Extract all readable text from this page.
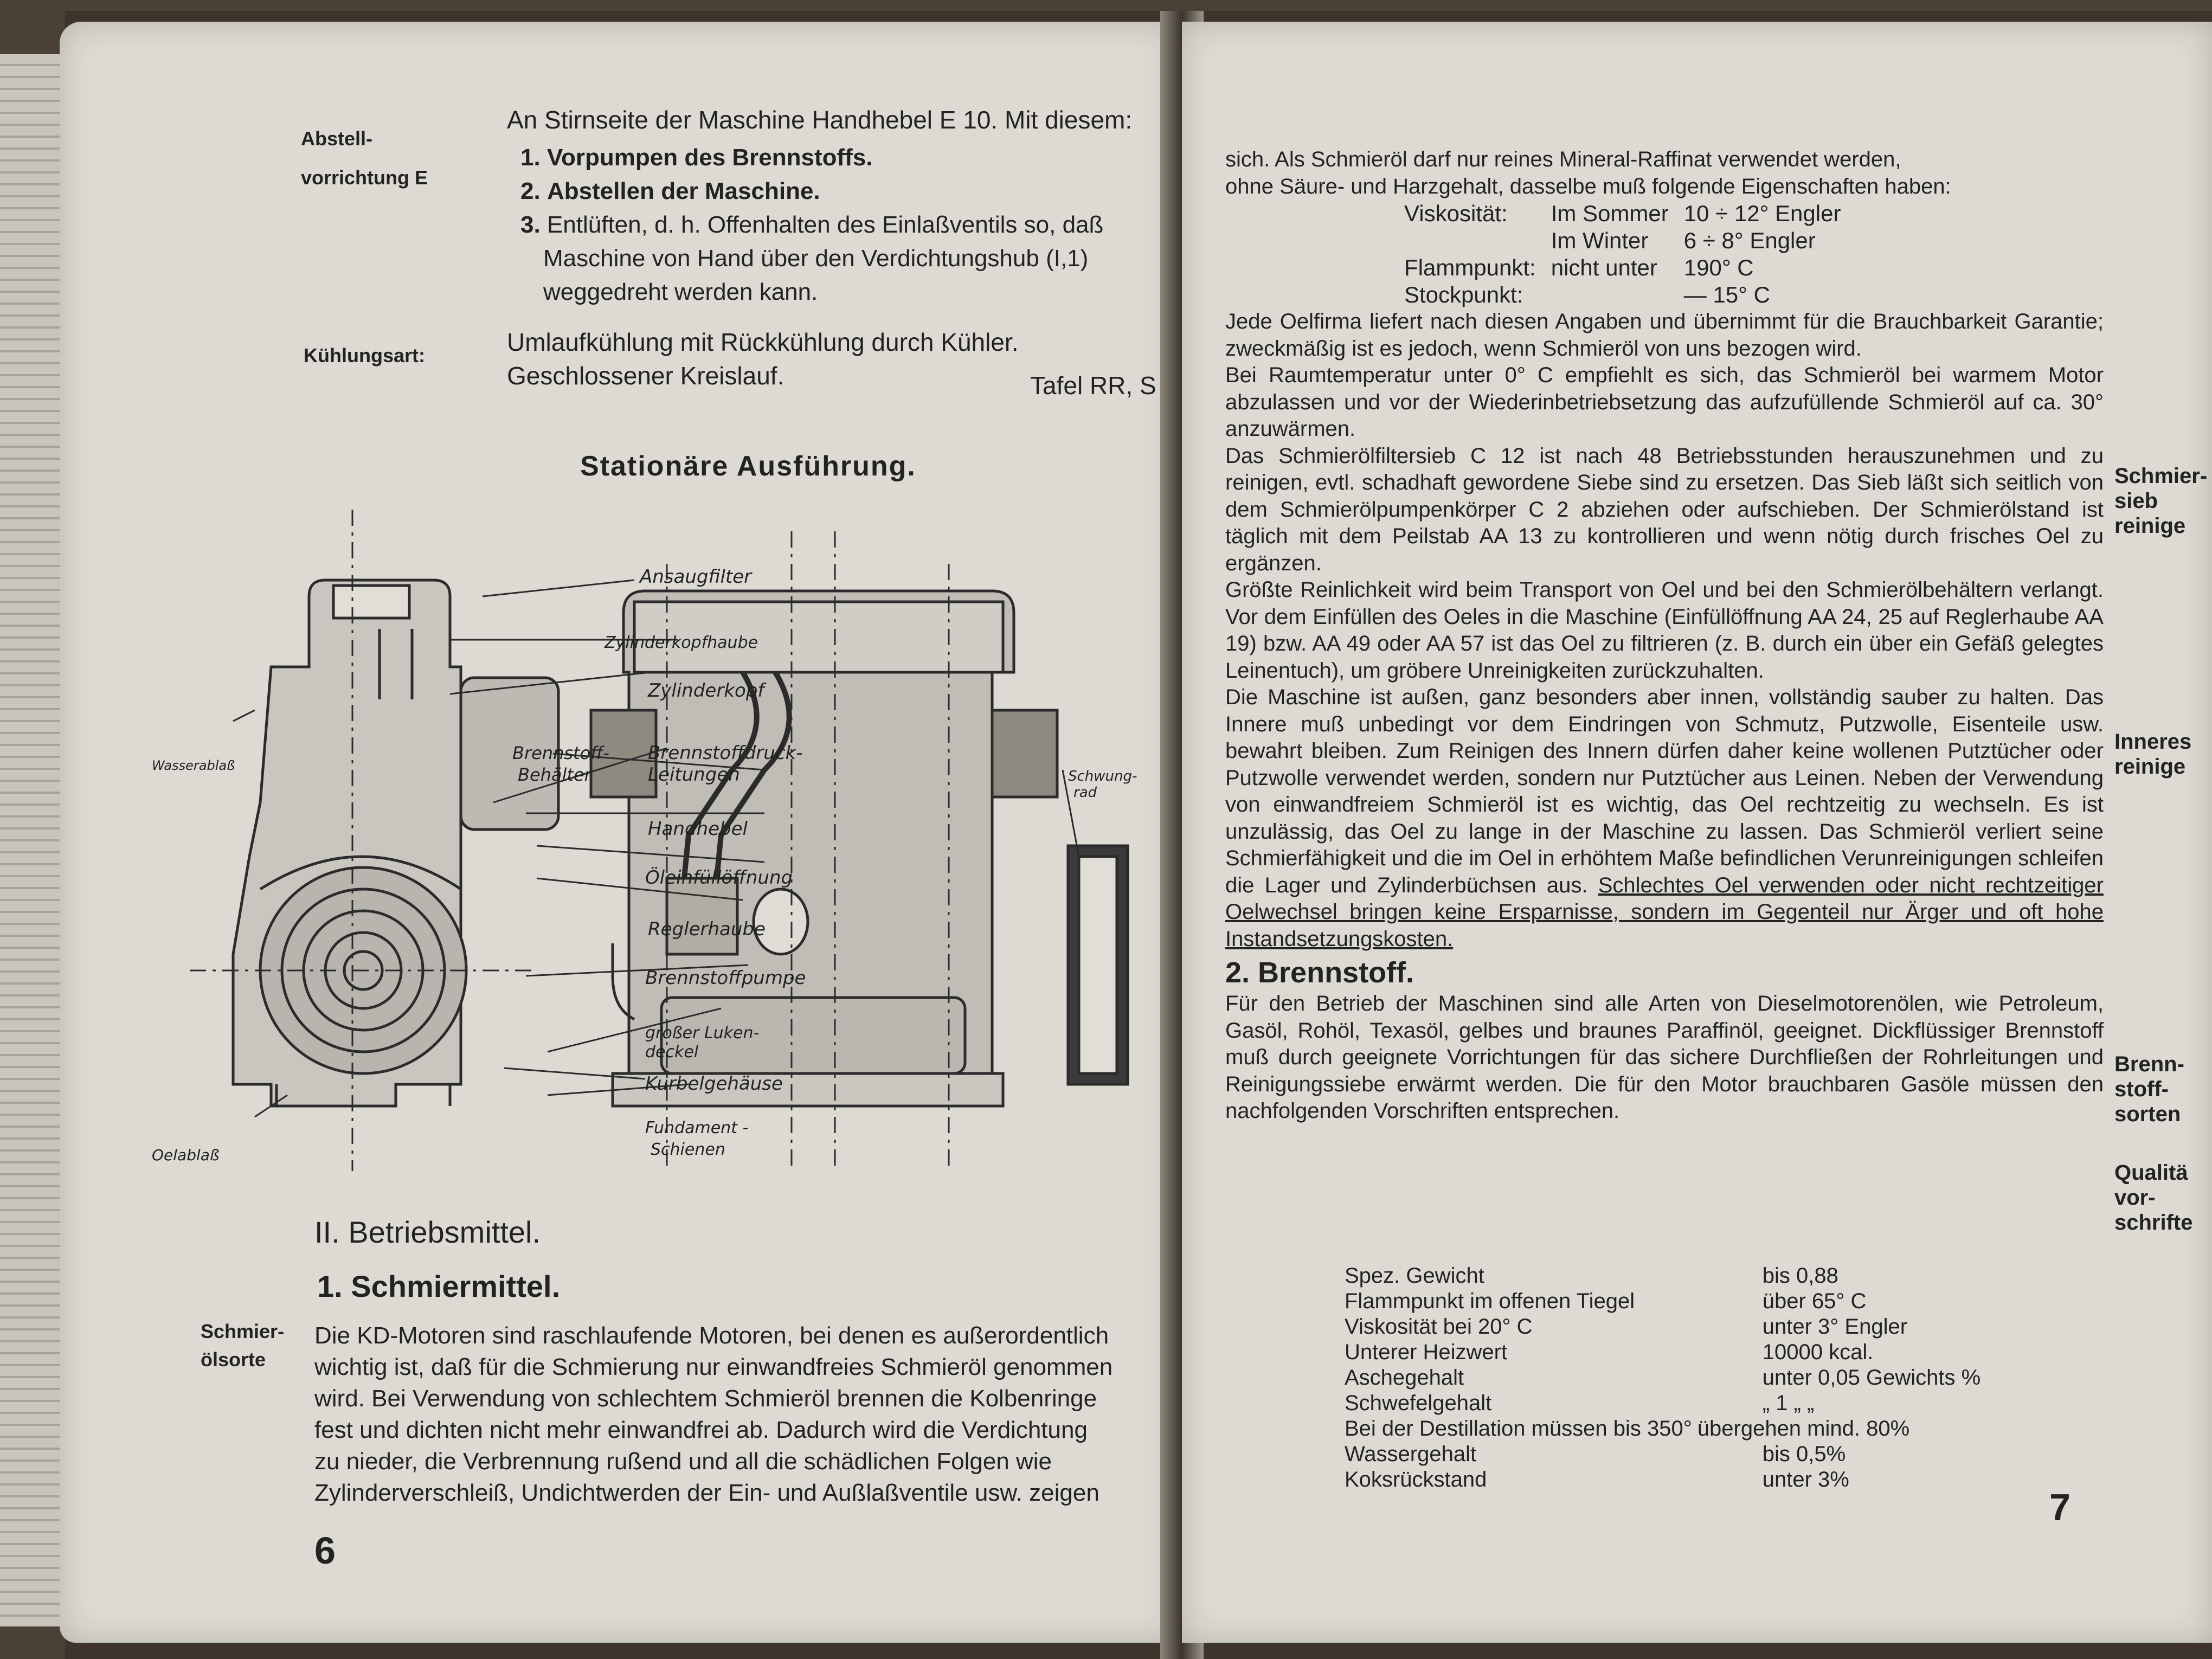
Abstell-
vorrichtung E
An Stirnseite der Maschine Handhebel E 10. Mit diesem:
1. Vorpumpen des Brennstoffs.
2. Abstellen der Maschine.
3. Entlüften, d. h. Offenhalten des Einlaßventils so, daß
Maschine von Hand über den Verdichtungshub (I,1)
weggedreht werden kann.
Kühlungsart:	Umlaufkühlung mit Rückkühlung durch Kühler.
Geschlossener Kreislauf.	Tafel RR, S
Stationäre Ausführung.
Ansaugfilter
Zylinderkopfhaube
Zylinderkopf
Brennstoff-
Behälter
Wasserablaß
Brennstoffdruck-
Leitungen	Schwung-
rad
Handhebel
Öleinfüllöffnung
Reglerhaube
Brennstoffpumpe
großer Luken-
deckel
Kurbelgehäuse
Fundament -
Schienen
Oelablaß
II. Betriebsmittel.
1. Schmiermittel.
Schmier-
ölsorte
Die KD-Motoren sind raschlaufende Motoren, bei denen es außerordentlich
wichtig ist, daß für die Schmierung nur einwandfreies Schmieröl genommen
wird. Bei Verwendung von schlechtem Schmieröl brennen die Kolbenringe
fest und dichten nicht mehr einwandfrei ab. Dadurch wird die Verdichtung
zu nieder, die Verbrennung rußend und all die schädlichen Folgen wie
Zylinderverschleiß, Undichtwerden der Ein- und Außlaßventile usw. zeigen
6

sich. Als Schmieröl darf nur reines Mineral-Raffinat verwendet werden,

ohne Säure- und Harzgehalt, dasselbe muß folgende Eigenschaften haben:

Viskosität:	Im Sommer	10 ÷ 12° Engler
	Im Winter	6 ÷ 8° Engler
Flammpunkt:	nicht unter	190° C
Stockpunkt:		— 15° C

Jede Oelfirma liefert nach diesen Angaben und übernimmt für die Brauchbarkeit Garantie; zweckmäßig ist es jedoch, wenn Schmieröl von uns bezogen wird.

Bei Raumtemperatur unter 0° C empfiehlt es sich, das Schmieröl bei warmem Motor abzulassen und vor der Wiederinbetriebsetzung das aufzufüllende Schmieröl auf ca. 30° anzuwärmen.

Das Schmierölfiltersieb C 12 ist nach 48 Betriebsstunden herauszunehmen und zu reinigen, evtl. schadhaft gewordene Siebe sind zu ersetzen. Das Sieb läßt sich seitlich von dem Schmierölpumpenkörper C 2 abziehen oder aufschieben. Der Schmierölstand ist täglich mit dem Peilstab AA 13 zu kontrollieren und wenn nötig durch frisches Oel zu ergänzen.

Größte Reinlichkeit wird beim Transport von Oel und bei den Schmierölbehältern verlangt. Vor dem Einfüllen des Oeles in die Maschine (Einfüllöffnung AA 24, 25 auf Reglerhaube AA 19) bzw. AA 49 oder AA 57 ist das Oel zu filtrieren (z. B. durch ein über ein Gefäß gelegtes Leinentuch), um gröbere Unreinigkeiten zurückzuhalten.

Die Maschine ist außen, ganz besonders aber innen, vollständig sauber zu halten. Das Innere muß unbedingt vor dem Eindringen von Schmutz, Putzwolle, Eisenteile usw. bewahrt bleiben. Zum Reinigen des Innern dürfen daher keine wollenen Putztücher oder Putzwolle verwendet werden, sondern nur Putztücher aus Leinen. Neben der Verwendung von einwandfreiem Schmieröl ist es wichtig, das Oel rechtzeitig zu wechseln. Es ist unzulässig, das Oel zu lange in der Maschine zu lassen. Das Schmieröl verliert seine Schmierfähigkeit und die im Oel in erhöhtem Maße befindlichen Verunreinigungen schleifen die Lager und Zylinderbüchsen aus. Schlechtes Oel verwenden oder nicht rechtzeitiger Oelwechsel bringen keine Ersparnisse, sondern im Gegenteil nur Ärger und oft hohe Instandsetzungskosten.

2. Brennstoff.

Für den Betrieb der Maschinen sind alle Arten von Dieselmotorenölen, wie Petroleum, Gasöl, Rohöl, Texasöl, gelbes und braunes Paraffinöl, geeignet. Dickflüssiger Brennstoff muß durch geeignete Vorrichtungen für das sichere Durchfließen der Rohrleitungen und Reinigungssiebe erwärmt werden. Die für den Motor brauchbaren Gasöle müssen den nachfolgenden Vorschriften entsprechen.

Spez. Gewicht	bis 0,88
Flammpunkt im offenen Tiegel	über 65° C
Viskosität bei 20° C	unter 3° Engler
Unterer Heizwert	10000 kcal.
Aschegehalt	unter 0,05 Gewichts %
Schwefelgehalt	„ 1 „ „
Bei der Destillation müssen bis 350°	übergehen mind. 80%
Wassergehalt	bis 0,5%
Koksrückstand	unter 3%
Schmier-
sieb
reinige
Inneres
reinige
Brenn-
stoff-
sorten
Qualitä
vor-
schrifte
7
